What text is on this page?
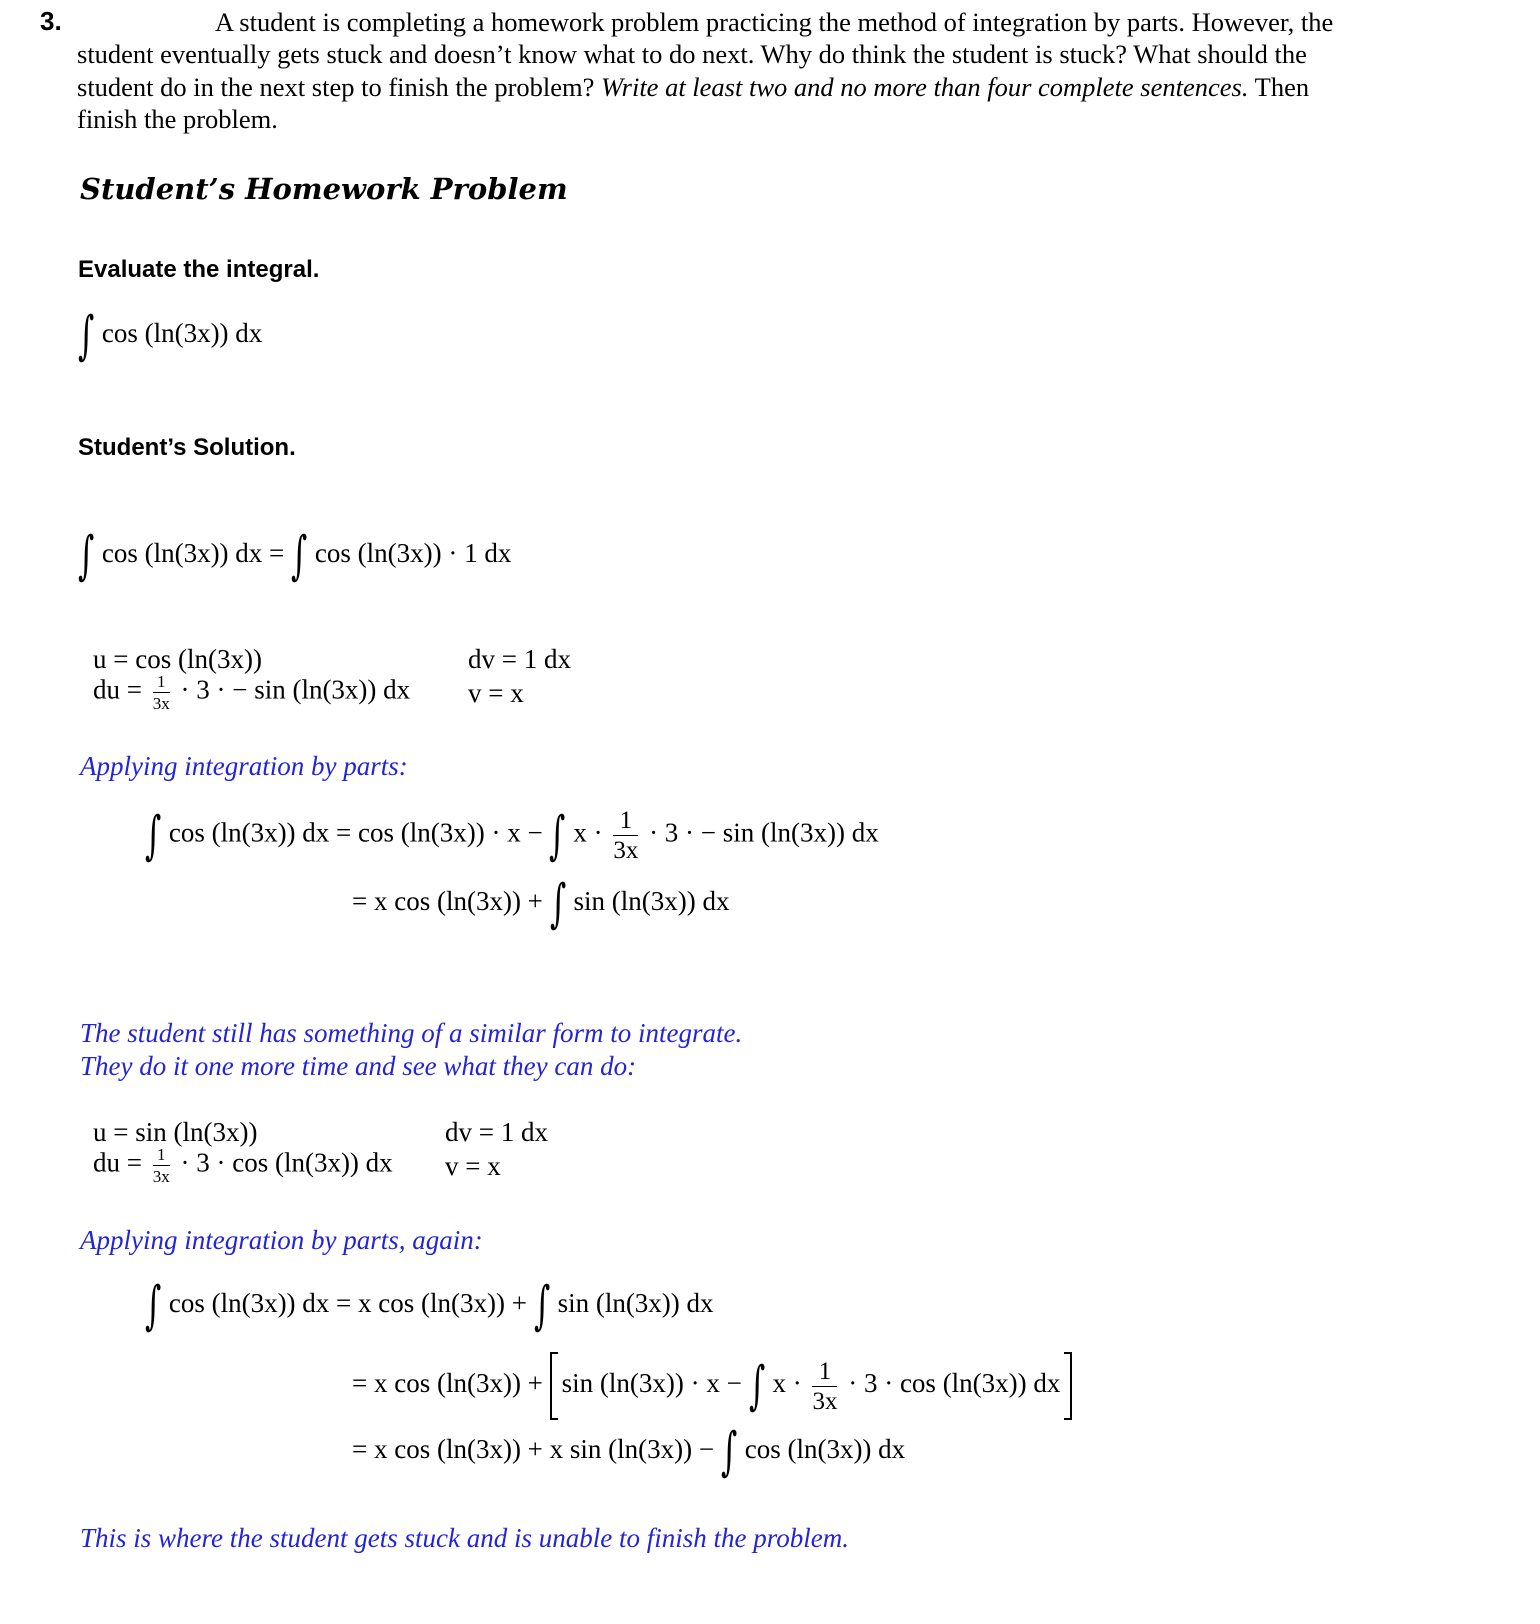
3.	A student is completing a homework problem practicing the method of integration by parts. However, the
student eventually gets stuck and doesn’t know what to do next. Why do think the student is stuck? What should the
student do in the next step to finish the problem? Write at least two and no more than four complete sentences. Then
finish the problem.
Student’s Homework Problem
Evaluate the integral.
∫ cos (ln(3x)) dx
Student’s Solution.
∫ cos (ln(3x)) dx = ∫ cos (ln(3x)) · 1 dx
u = cos (ln(3x))
du = $\frac{1}{3x} \cdot 3$ · − sin (ln(3x)) dx
dv = 1 dx
v = x
Applying integration by parts:
∫ cos (ln(3x)) dx = cos (ln(3x)) · x − ∫ $x \cdot \frac{1}{3x} \cdot 3$ · − sin (ln(3x)) dx
= x cos (ln(3x)) + ∫ sin (ln(3x)) dx
The student still has something of a similar form to integrate.
They do it one more time and see what they can do:
u = sin (ln(3x))
du = $\frac{1}{3x} \cdot 3 \cdot \cos (\ln(3x))$ dx
dv = 1 dx
v = x
Applying integration by parts, again:
∫ cos (ln(3x)) dx = x cos (ln(3x)) + ∫ sin (ln(3x)) dx
= x cos (ln(3x)) + sin (ln(3x)) · x − ∫ $x \cdot \frac{1}{3x} \cdot 3 \cdot \cos (\ln(3x))$ dx
= x cos (ln(3x)) + x sin (ln(3x)) − ∫ cos (ln(3x)) dx
This is where the student gets stuck and is unable to finish the problem.
